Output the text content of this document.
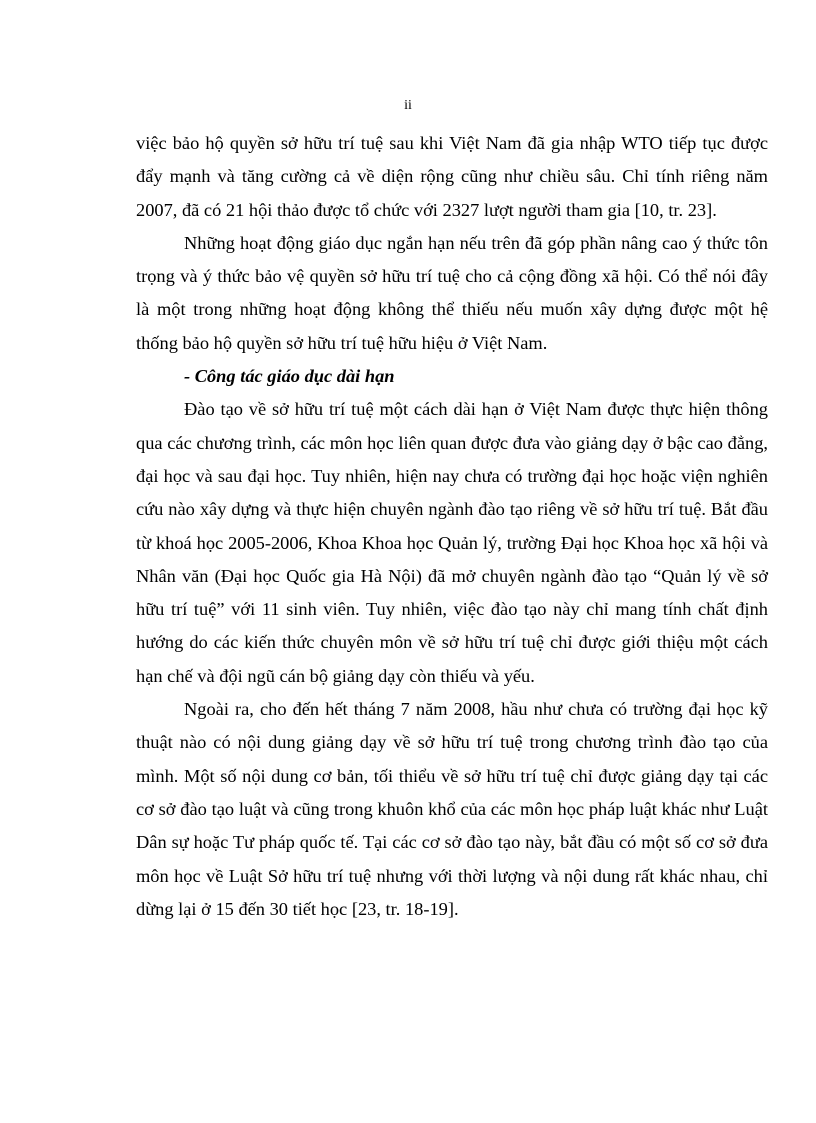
ii

việc bảo hộ quyền sở hữu trí tuệ sau khi Việt Nam đã gia nhập WTO tiếp tục được đẩy mạnh và tăng cường cả về diện rộng cũng như chiều sâu. Chỉ tính riêng năm 2007, đã có 21 hội thảo được tổ chức với 2327 lượt người tham gia [10, tr. 23].

Những hoạt động giáo dục ngắn hạn nếu trên đã góp phần nâng cao ý thức tôn trọng và ý thức bảo vệ quyền sở hữu trí tuệ cho cả cộng đồng xã hội. Có thể nói đây là một trong những hoạt động không thể thiếu nếu muốn xây dựng được một hệ thống bảo hộ quyền sở hữu trí tuệ hữu hiệu ở Việt Nam.

- Công tác giáo dục dài hạn

Đào tạo về sở hữu trí tuệ một cách dài hạn ở Việt Nam được thực hiện thông qua các chương trình, các môn học liên quan được đưa vào giảng dạy ở bậc cao đẳng, đại học và sau đại học. Tuy nhiên, hiện nay chưa có trường đại học hoặc viện nghiên cứu nào xây dựng và thực hiện chuyên ngành đào tạo riêng về sở hữu trí tuệ. Bắt đầu từ khoá học 2005-2006, Khoa Khoa học Quản lý, trường Đại học Khoa học xã hội và Nhân văn (Đại học Quốc gia Hà Nội) đã mở chuyên ngành đào tạo “Quản lý về sở hữu trí tuệ” với 11 sinh viên. Tuy nhiên, việc đào tạo này chỉ mang tính chất định hướng do các kiến thức chuyên môn về sở hữu trí tuệ chỉ được giới thiệu một cách hạn chế và đội ngũ cán bộ giảng dạy còn thiếu và yếu.

Ngoài ra, cho đến hết tháng 7 năm 2008, hầu như chưa có trường đại học kỹ thuật nào có nội dung giảng dạy về sở hữu trí tuệ trong chương trình đào tạo của mình. Một số nội dung cơ bản, tối thiểu về sở hữu trí tuệ chỉ được giảng dạy tại các cơ sở đào tạo luật và cũng trong khuôn khổ của các môn học pháp luật khác như Luật Dân sự hoặc Tư pháp quốc tế. Tại các cơ sở đào tạo này, bắt đầu có một số cơ sở đưa môn học về Luật Sở hữu trí tuệ nhưng với thời lượng và nội dung rất khác nhau, chỉ dừng lại ở 15 đến 30 tiết học [23, tr. 18-19].
